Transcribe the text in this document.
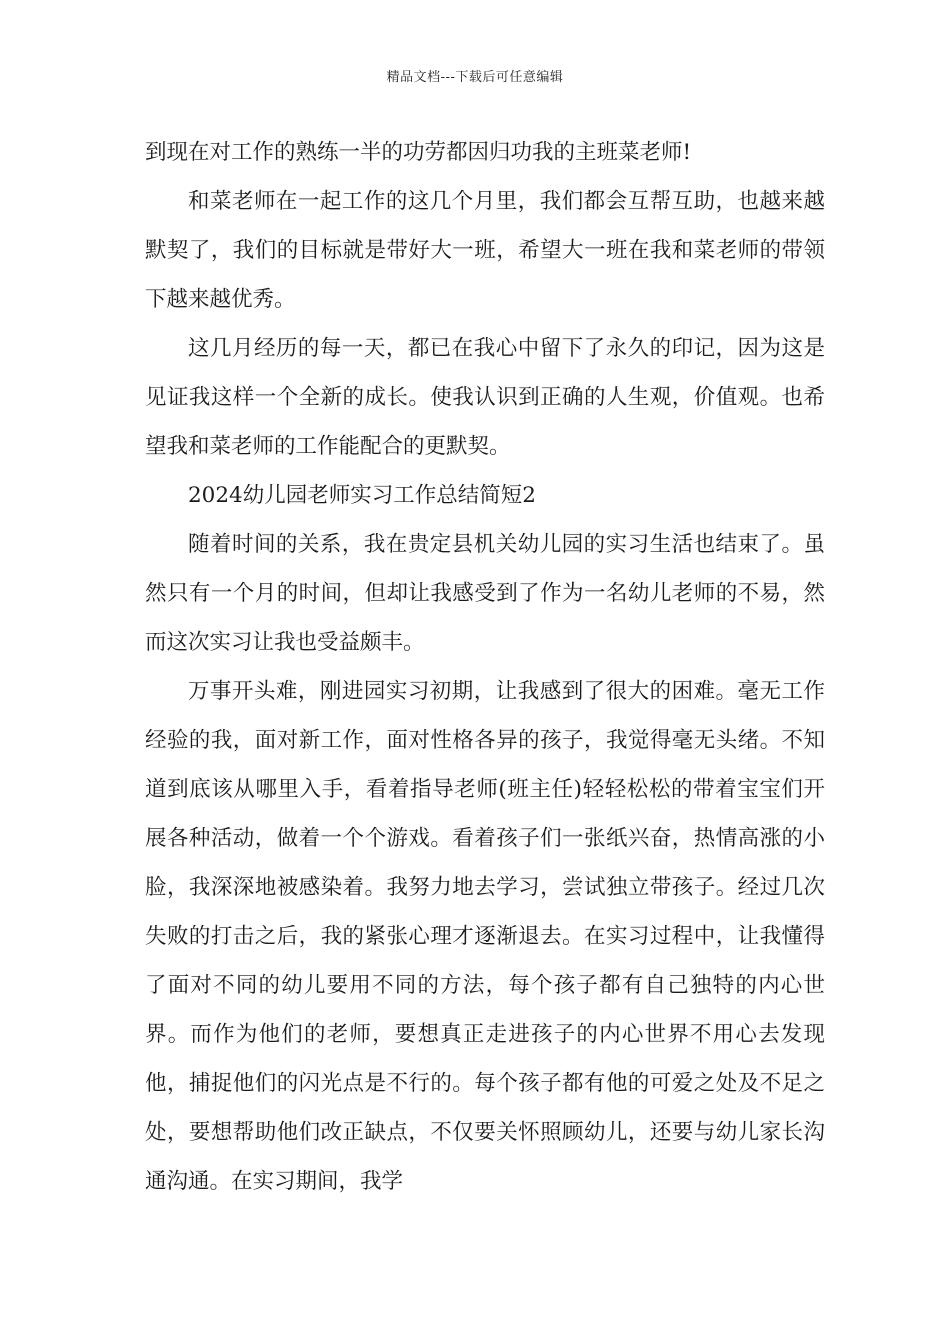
精品文档---下载后可任意编辑

到现在对工作的熟练一半的功劳都因归功我的主班菜老师!

和菜老师在一起工作的这几个月里，我们都会互帮互助，也越来越默契了，我们的目标就是带好大一班，希望大一班在我和菜老师的带领下越来越优秀。

这几月经历的每一天，都已在我心中留下了永久的印记，因为这是见证我这样一个全新的成长。使我认识到正确的人生观，价值观。也希望我和菜老师的工作能配合的更默契。

2024幼儿园老师实习工作总结简短2

随着时间的关系，我在贵定县机关幼儿园的实习生活也结束了。虽然只有一个月的时间，但却让我感受到了作为一名幼儿老师的不易，然而这次实习让我也受益颇丰。

万事开头难，刚进园实习初期，让我感到了很大的困难。毫无工作经验的我，面对新工作，面对性格各异的孩子，我觉得毫无头绪。不知道到底该从哪里入手，看着指导老师(班主任)轻轻松松的带着宝宝们开展各种活动，做着一个个游戏。看着孩子们一张纸兴奋，热情高涨的小脸，我深深地被感染着。我努力地去学习，尝试独立带孩子。经过几次失败的打击之后，我的紧张心理才逐渐退去。在实习过程中，让我懂得了面对不同的幼儿要用不同的方法，每个孩子都有自己独特的内心世界。而作为他们的老师，要想真正走进孩子的内心世界不用心去发现他，捕捉他们的闪光点是不行的。每个孩子都有他的可爱之处及不足之处，要想帮助他们改正缺点，不仅要关怀照顾幼儿，还要与幼儿家长沟通沟通。在实习期间，我学
